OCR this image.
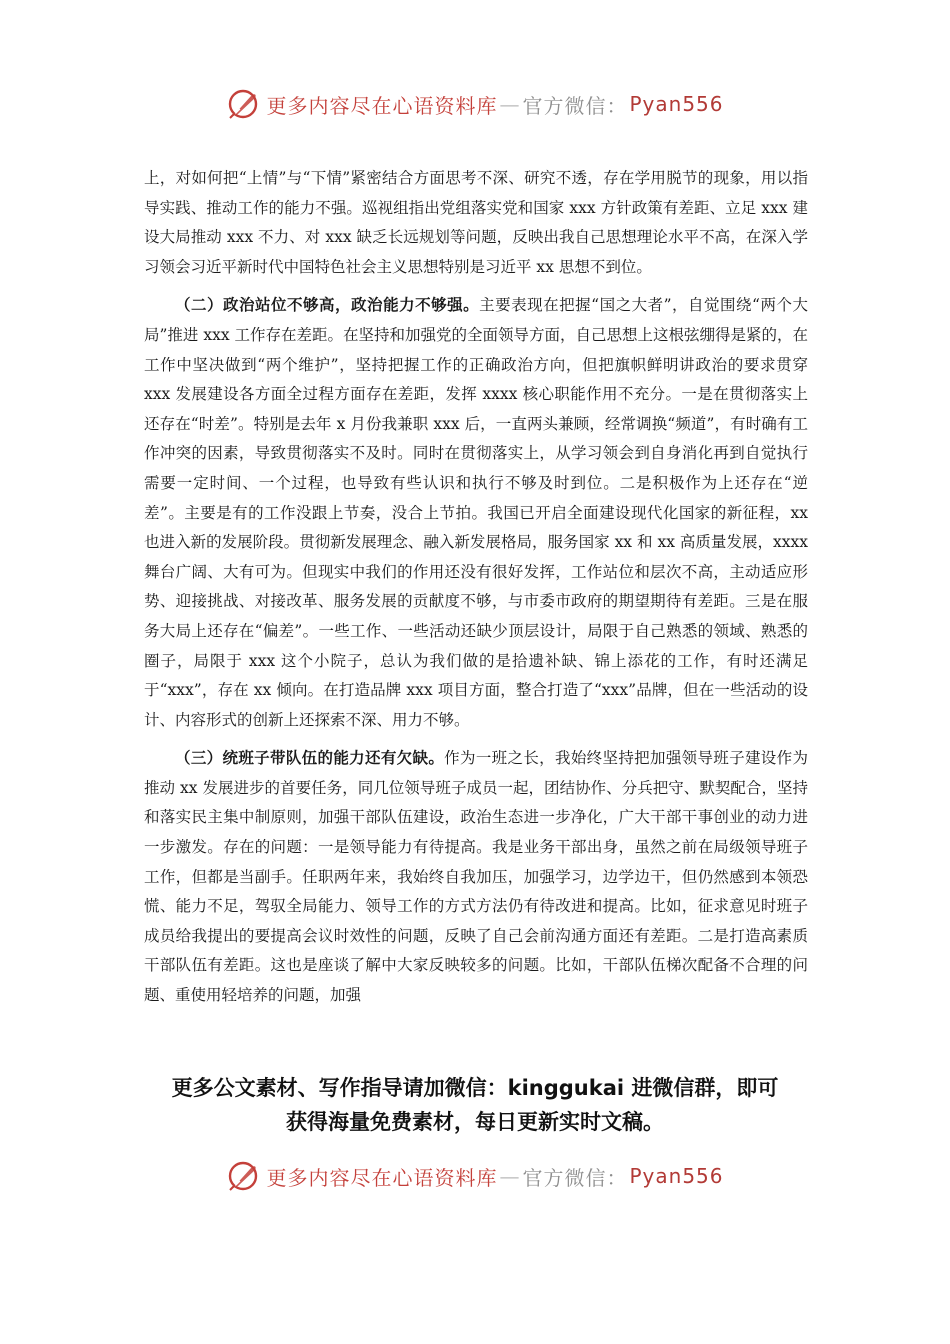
更多内容尽在心语资料库 — 官方微信： Pyan556

上，对如何把“上情”与“下情”紧密结合方面思考不深、研究不透，存在学用脱节的现象，用以指导实践、推动工作的能力不强。巡视组指出党组落实党和国家 xxx 方针政策有差距、立足 xxx 建设大局推动 xxx 不力、对 xxx 缺乏长远规划等问题，反映出我自己思想理论水平不高，在深入学习领会习近平新时代中国特色社会主义思想特别是习近平 xx 思想不到位。

（二）政治站位不够高，政治能力不够强。主要表现在把握“国之大者”，自觉围绕“两个大局”推进 xxx 工作存在差距。在坚持和加强党的全面领导方面，自己思想上这根弦绷得是紧的，在工作中坚决做到“两个维护”，坚持把握工作的正确政治方向，但把旗帜鲜明讲政治的要求贯穿 xxx 发展建设各方面全过程方面存在差距，发挥 xxxx 核心职能作用不充分。一是在贯彻落实上还存在“时差”。特别是去年 x 月份我兼职 xxx 后，一直两头兼顾，经常调换“频道”，有时确有工作冲突的因素，导致贯彻落实不及时。同时在贯彻落实上，从学习领会到自身消化再到自觉执行需要一定时间、一个过程，也导致有些认识和执行不够及时到位。二是积极作为上还存在“逆差”。主要是有的工作没跟上节奏，没合上节拍。我国已开启全面建设现代化国家的新征程，xx 也进入新的发展阶段。贯彻新发展理念、融入新发展格局，服务国家 xx 和 xx 高质量发展，xxxx 舞台广阔、大有可为。但现实中我们的作用还没有很好发挥，工作站位和层次不高，主动适应形势、迎接挑战、对接改革、服务发展的贡献度不够，与市委市政府的期望期待有差距。三是在服务大局上还存在“偏差”。一些工作、一些活动还缺少顶层设计，局限于自己熟悉的领域、熟悉的圈子，局限于 xxx 这个小院子，总认为我们做的是拾遗补缺、锦上添花的工作，有时还满足于“xxx”，存在 xx 倾向。在打造品牌 xxx 项目方面，整合打造了“xxx”品牌，但在一些活动的设计、内容形式的创新上还探索不深、用力不够。

（三）统班子带队伍的能力还有欠缺。作为一班之长，我始终坚持把加强领导班子建设作为推动 xx 发展进步的首要任务，同几位领导班子成员一起，团结协作、分兵把守、默契配合，坚持和落实民主集中制原则，加强干部队伍建设，政治生态进一步净化，广大干部干事创业的动力进一步激发。存在的问题：一是领导能力有待提高。我是业务干部出身，虽然之前在局级领导班子工作，但都是当副手。任职两年来，我始终自我加压，加强学习，边学边干，但仍然感到本领恐慌、能力不足，驾驭全局能力、领导工作的方式方法仍有待改进和提高。比如，征求意见时班子成员给我提出的要提高会议时效性的问题，反映了自己会前沟通方面还有差距。二是打造高素质干部队伍有差距。这也是座谈了解中大家反映较多的问题。比如，干部队伍梯次配备不合理的问题、重使用轻培养的问题，加强

更多公文素材、写作指导请加微信：kinggukai 进微信群，即可
获得海量免费素材，每日更新实时文稿。
更多内容尽在心语资料库 — 官方微信： Pyan556
